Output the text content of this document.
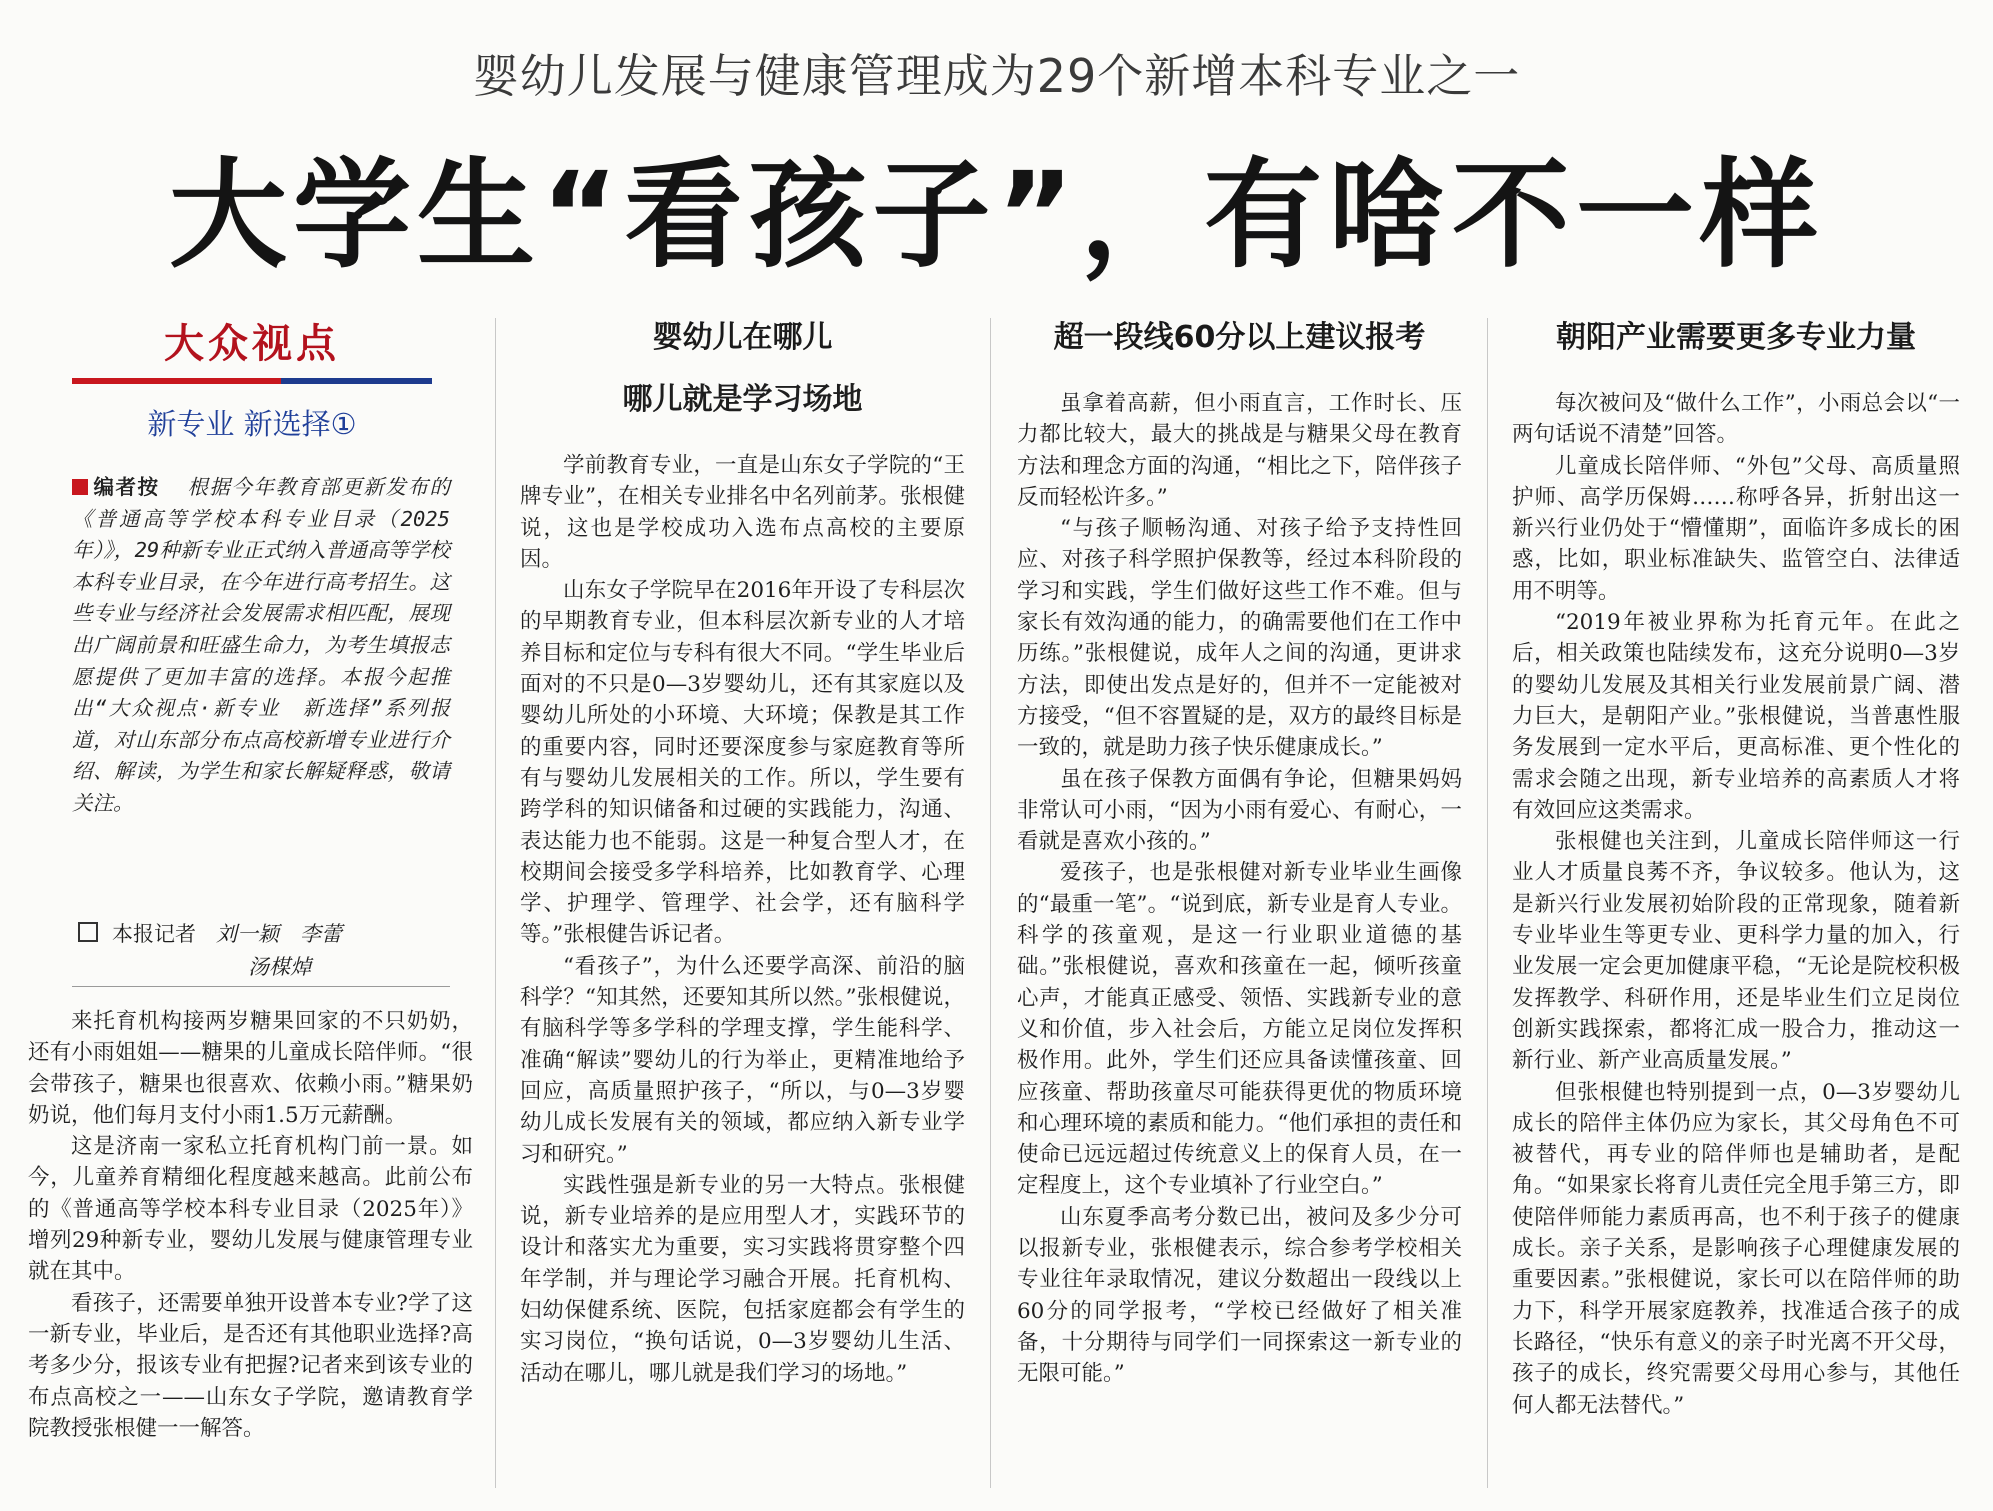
婴幼儿发展与健康管理成为29个新增本科专业之一
大学生“看孩子”，有啥不一样
大众视点
新专业 新选择①
编者按 根据今年教育部更新发布的《普通高等学校本科专业目录（2025年）》，29种新专业正式纳入普通高等学校本科专业目录，在今年进行高考招生。这些专业与经济社会发展需求相匹配，展现出广阔前景和旺盛生命力，为考生填报志愿提供了更加丰富的选择。本报今起推出“大众视点·新专业　新选择”系列报道，对山东部分布点高校新增专业进行介绍、解读，为学生和家长解疑释惑，敬请关注。
本报记者 刘一颖　李蕾
汤楳焯

来托育机构接两岁糖果回家的不只奶奶，还有小雨姐姐——糖果的儿童成长陪伴师。“很会带孩子，糖果也很喜欢、依赖小雨。”糖果奶奶说，他们每月支付小雨1.5万元薪酬。

这是济南一家私立托育机构门前一景。如今，儿童养育精细化程度越来越高。此前公布的《普通高等学校本科专业目录（2025年）》增列29种新专业，婴幼儿发展与健康管理专业就在其中。

看孩子，还需要单独开设普本专业?学了这一新专业，毕业后，是否还有其他职业选择?高考多少分，报该专业有把握?记者来到该专业的布点高校之一——山东女子学院，邀请教育学院教授张根健一一解答。

婴幼儿在哪儿
哪儿就是学习场地

学前教育专业，一直是山东女子学院的“王牌专业”，在相关专业排名中名列前茅。张根健说，这也是学校成功入选布点高校的主要原因。

山东女子学院早在2016年开设了专科层次的早期教育专业，但本科层次新专业的人才培养目标和定位与专科有很大不同。“学生毕业后面对的不只是0—3岁婴幼儿，还有其家庭以及婴幼儿所处的小环境、大环境；保教是其工作的重要内容，同时还要深度参与家庭教育等所有与婴幼儿发展相关的工作。所以，学生要有跨学科的知识储备和过硬的实践能力，沟通、表达能力也不能弱。这是一种复合型人才，在校期间会接受多学科培养，比如教育学、心理学、护理学、管理学、社会学，还有脑科学等。”张根健告诉记者。

“看孩子”，为什么还要学高深、前沿的脑科学？“知其然，还要知其所以然。”张根健说，有脑科学等多学科的学理支撑，学生能科学、准确“解读”婴幼儿的行为举止，更精准地给予回应，高质量照护孩子，“所以，与0—3岁婴幼儿成长发展有关的领域，都应纳入新专业学习和研究。”

实践性强是新专业的另一大特点。张根健说，新专业培养的是应用型人才，实践环节的设计和落实尤为重要，实习实践将贯穿整个四年学制，并与理论学习融合开展。托育机构、妇幼保健系统、医院，包括家庭都会有学生的实习岗位，“换句话说，0—3岁婴幼儿生活、活动在哪儿，哪儿就是我们学习的场地。”

超一段线60分以上建议报考

虽拿着高薪，但小雨直言，工作时长、压力都比较大，最大的挑战是与糖果父母在教育方法和理念方面的沟通，“相比之下，陪伴孩子反而轻松许多。”

“与孩子顺畅沟通、对孩子给予支持性回应、对孩子科学照护保教等，经过本科阶段的学习和实践，学生们做好这些工作不难。但与家长有效沟通的能力，的确需要他们在工作中历练。”张根健说，成年人之间的沟通，更讲求方法，即使出发点是好的，但并不一定能被对方接受，“但不容置疑的是，双方的最终目标是一致的，就是助力孩子快乐健康成长。”

虽在孩子保教方面偶有争论，但糖果妈妈非常认可小雨，“因为小雨有爱心、有耐心，一看就是喜欢小孩的。”

爱孩子，也是张根健对新专业毕业生画像的“最重一笔”。“说到底，新专业是育人专业。科学的孩童观，是这一行业职业道德的基础。”张根健说，喜欢和孩童在一起，倾听孩童心声，才能真正感受、领悟、实践新专业的意义和价值，步入社会后，方能立足岗位发挥积极作用。此外，学生们还应具备读懂孩童、回应孩童、帮助孩童尽可能获得更优的物质环境和心理环境的素质和能力。“他们承担的责任和使命已远远超过传统意义上的保育人员，在一定程度上，这个专业填补了行业空白。”

山东夏季高考分数已出，被问及多少分可以报新专业，张根健表示，综合参考学校相关专业往年录取情况，建议分数超出一段线以上60分的同学报考，“学校已经做好了相关准备，十分期待与同学们一同探索这一新专业的无限可能。”

朝阳产业需要更多专业力量

每次被问及“做什么工作”，小雨总会以“一两句话说不清楚”回答。

儿童成长陪伴师、“外包”父母、高质量照护师、高学历保姆……称呼各异，折射出这一新兴行业仍处于“懵懂期”，面临许多成长的困惑，比如，职业标准缺失、监管空白、法律适用不明等。

“2019年被业界称为托育元年。在此之后，相关政策也陆续发布，这充分说明0—3岁的婴幼儿发展及其相关行业发展前景广阔、潜力巨大，是朝阳产业。”张根健说，当普惠性服务发展到一定水平后，更高标准、更个性化的需求会随之出现，新专业培养的高素质人才将有效回应这类需求。

张根健也关注到，儿童成长陪伴师这一行业人才质量良莠不齐，争议较多。他认为，这是新兴行业发展初始阶段的正常现象，随着新专业毕业生等更专业、更科学力量的加入，行业发展一定会更加健康平稳，“无论是院校积极发挥教学、科研作用，还是毕业生们立足岗位创新实践探索，都将汇成一股合力，推动这一新行业、新产业高质量发展。”

但张根健也特别提到一点，0—3岁婴幼儿成长的陪伴主体仍应为家长，其父母角色不可被替代，再专业的陪伴师也是辅助者，是配角。“如果家长将育儿责任完全甩手第三方，即使陪伴师能力素质再高，也不利于孩子的健康成长。亲子关系，是影响孩子心理健康发展的重要因素。”张根健说，家长可以在陪伴师的助力下，科学开展家庭教养，找准适合孩子的成长路径，“快乐有意义的亲子时光离不开父母，孩子的成长，终究需要父母用心参与，其他任何人都无法替代。”
